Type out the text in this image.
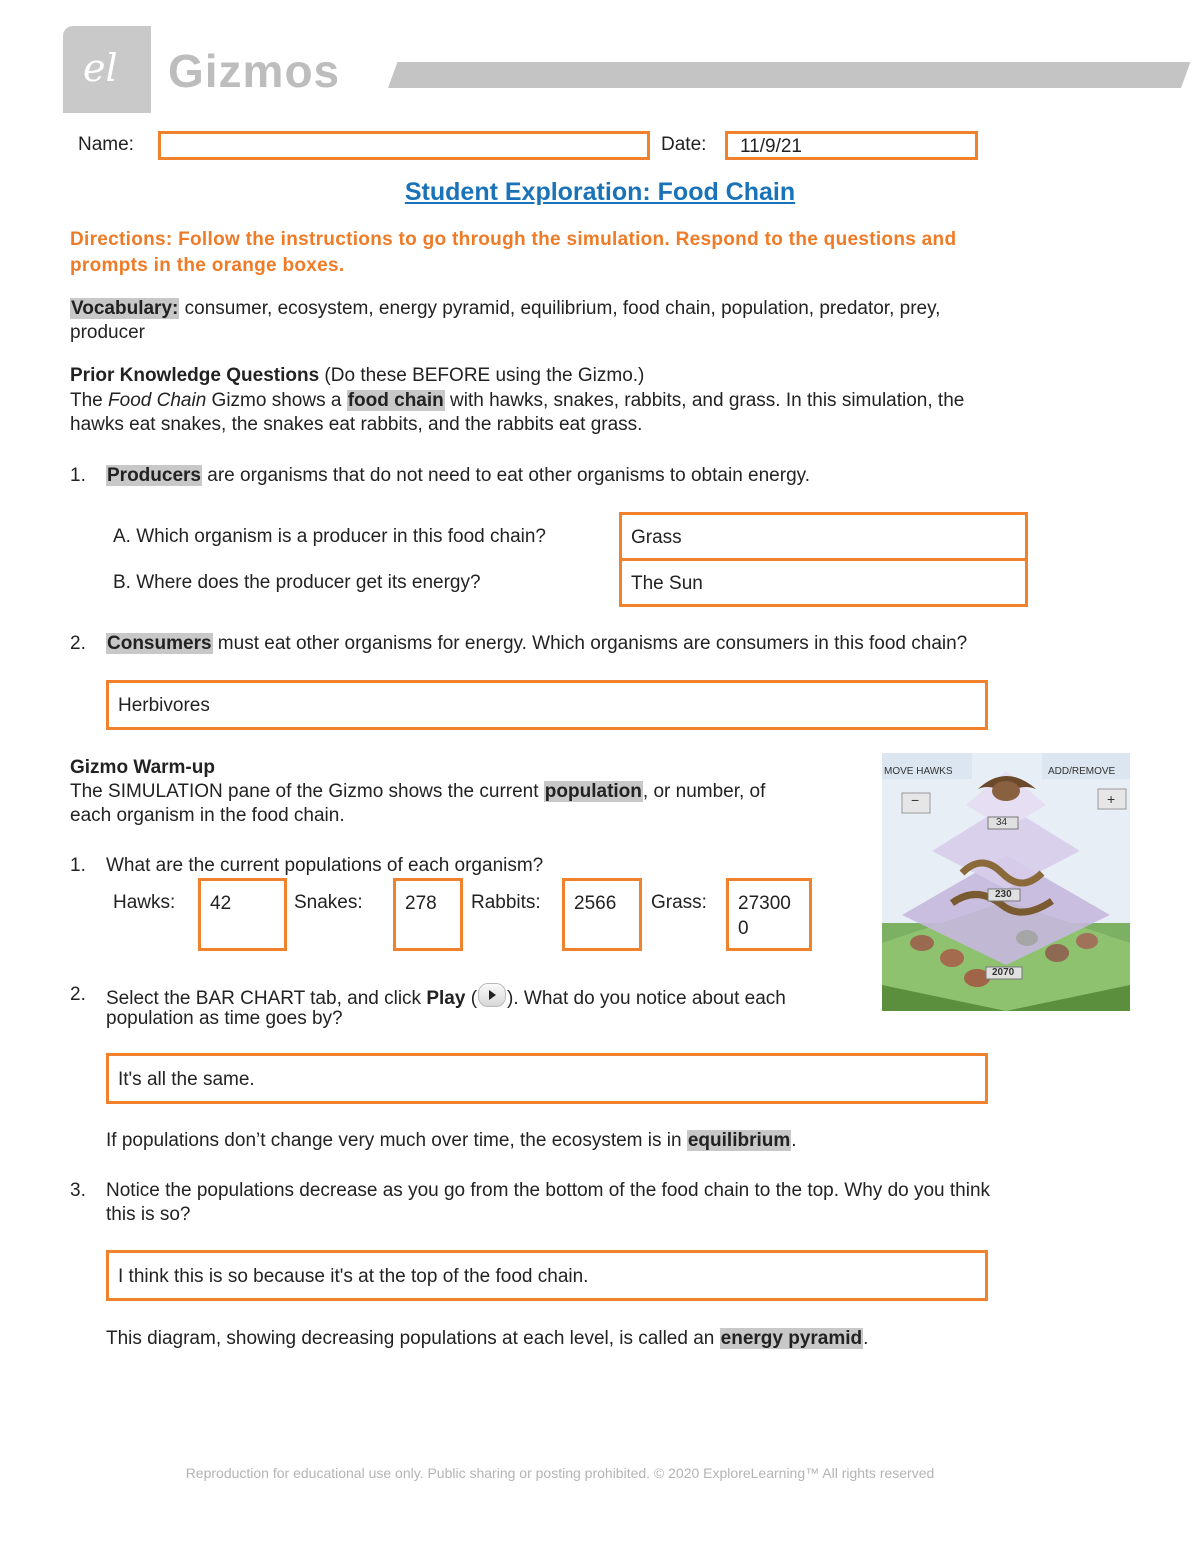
el Gizmos
Name:	Date: 11/9/21
Student Exploration: Food Chain
Directions: Follow the instructions to go through the simulation. Respond to the questions and
prompts in the orange boxes.
Vocabulary: consumer, ecosystem, energy pyramid, equilibrium, food chain, population, predator, prey,
producer
Prior Knowledge Questions (Do these BEFORE using the Gizmo.)
The Food Chain Gizmo shows a food chain with hawks, snakes, rabbits, and grass. In this simulation, the
hawks eat snakes, the snakes eat rabbits, and the rabbits eat grass.
1. Producers are organisms that do not need to eat other organisms to obtain energy.
A. Which organism is a producer in this food chain?	Grass
B. Where does the producer get its energy?	The Sun
2. Consumers must eat other organisms for energy. Which organisms are consumers in this food chain?
Herbivores
Gizmo Warm-up
The SIMULATION pane of the Gizmo shows the current population, or number, of
each organism in the food chain.
1. What are the current populations of each organism?
Hawks: 42	Snakes: 278 Rabbits: 2566 Grass: 27300
0
2. Select the BAR CHART tab, and click Play ( ). What do you notice about each
population as time goes by?
It's all the same.
If populations don’t change very much over time, the ecosystem is in equilibrium.
3. Notice the populations decrease as you go from the bottom of the food chain to the top. Why do you think
this is so?
I think this is so because it's at the top of the food chain.
This diagram, showing decreasing populations at each level, is called an energy pyramid.
MOVE HAWKS	ADD/REMOVE
−	+
34
230
2070
Reproduction for educational use only. Public sharing or posting prohibited. © 2020 ExploreLearning™ All rights reserved
